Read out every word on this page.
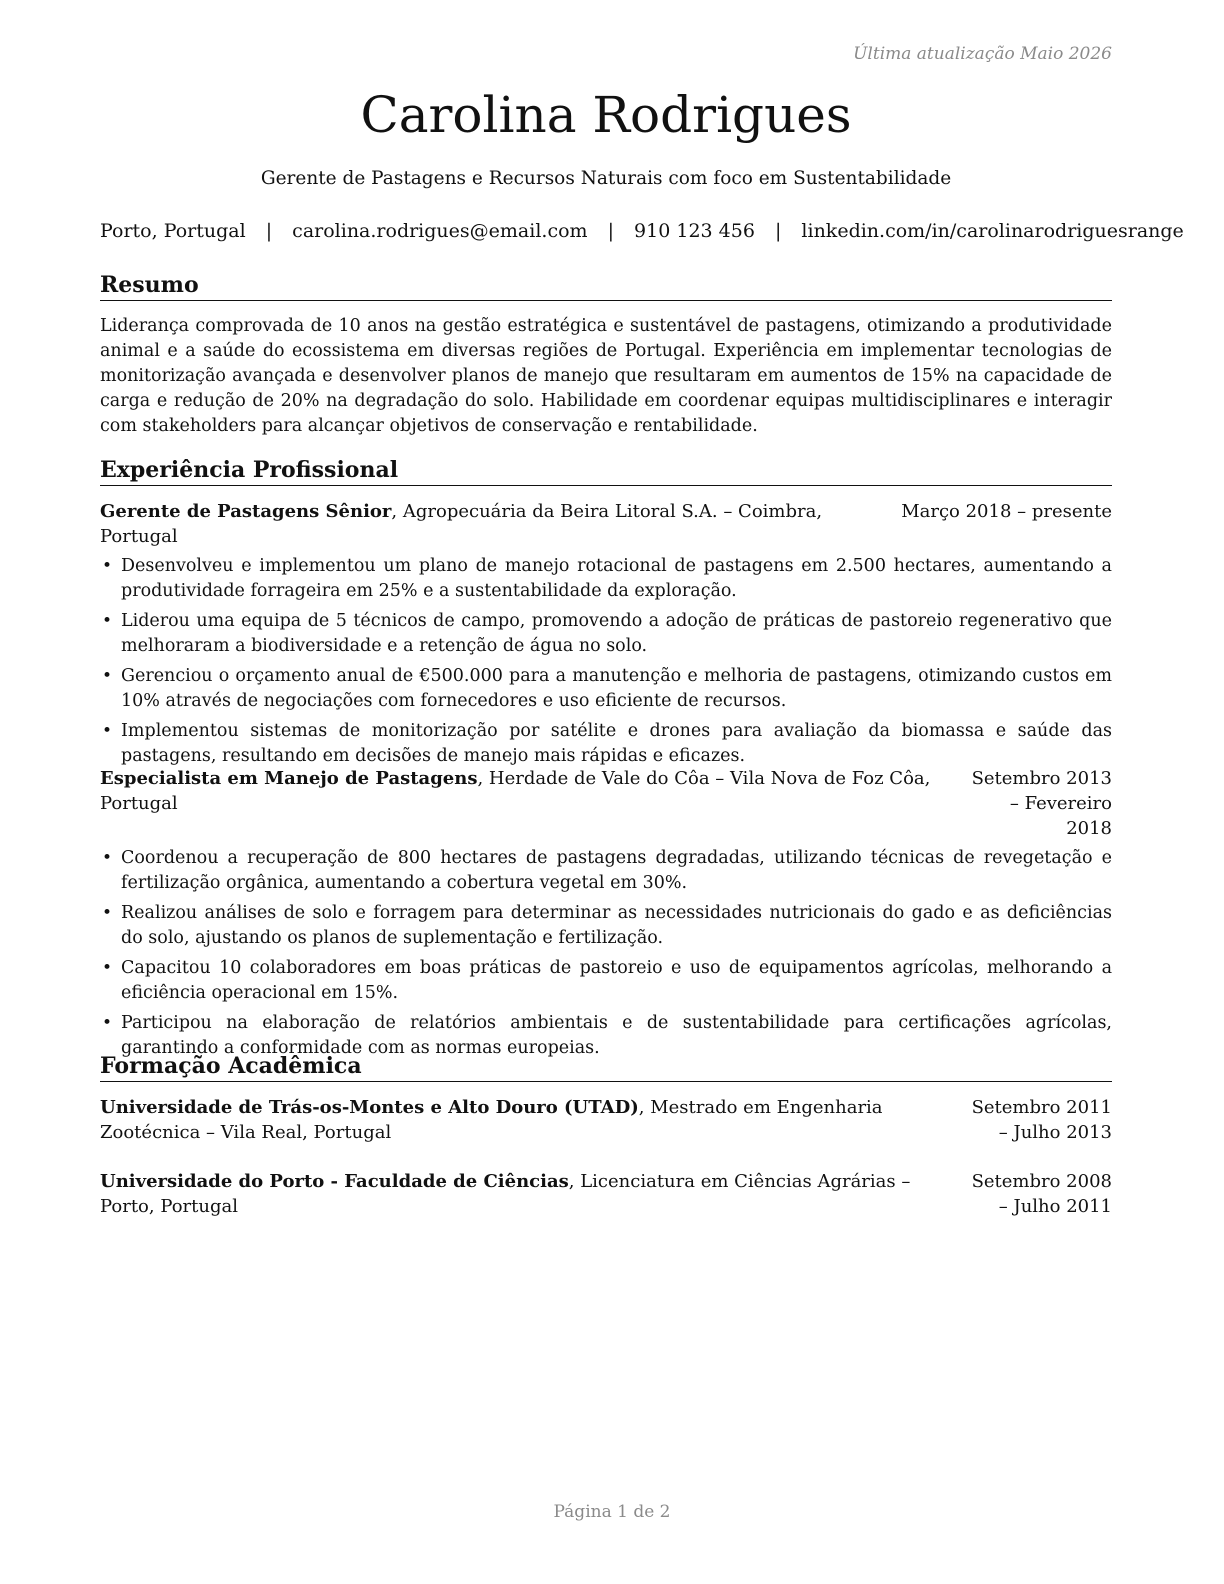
Última atualização Maio 2026
Carolina Rodrigues
Gerente de Pastagens e Recursos Naturais com foco em Sustentabilidade
Porto, Portugal | carolina.rodrigues@email.com | 910 123 456 | linkedin.com/in/carolinarodriguesrange
Resumo
Liderança comprovada de 10 anos na gestão estratégica e sustentável de pastagens, otimizando a produtividade animal e a saúde do ecossistema em diversas regiões de Portugal. Experiência em implementar tecnologias de monitorização avançada e desenvolver planos de manejo que resultaram em aumentos de 15% na capacidade de carga e redução de 20% na degradação do solo. Habilidade em coordenar equipas multidisciplinares e interagir com stakeholders para alcançar objetivos de conservação e rentabilidade.
Experiência Profissional
Gerente de Pastagens Sênior, Agropecuária da Beira Litoral S.A. – Coimbra, Portugal
Março 2018 – presente
• Desenvolveu e implementou um plano de manejo rotacional de pastagens em 2.500 hectares, aumentando a produtividade forrageira em 25% e a sustentabilidade da exploração.
• Liderou uma equipa de 5 técnicos de campo, promovendo a adoção de práticas de pastoreio regenerativo que melhoraram a biodiversidade e a retenção de água no solo.
• Gerenciou o orçamento anual de €500.000 para a manutenção e melhoria de pastagens, otimizando custos em 10% através de negociações com fornecedores e uso eficiente de recursos.
• Implementou sistemas de monitorização por satélite e drones para avaliação da biomassa e saúde das pastagens, resultando em decisões de manejo mais rápidas e eficazes.
Especialista em Manejo de Pastagens, Herdade de Vale do Côa – Vila Nova de Foz Côa, Portugal
Setembro 2013 – Fevereiro 2018
• Coordenou a recuperação de 800 hectares de pastagens degradadas, utilizando técnicas de revegetação e fertilização orgânica, aumentando a cobertura vegetal em 30%.
• Realizou análises de solo e forragem para determinar as necessidades nutricionais do gado e as deficiências do solo, ajustando os planos de suplementação e fertilização.
• Capacitou 10 colaboradores em boas práticas de pastoreio e uso de equipamentos agrícolas, melhorando a eficiência operacional em 15%.
• Participou na elaboração de relatórios ambientais e de sustentabilidade para certificações agrícolas, garantindo a conformidade com as normas europeias.
Formação Acadêmica
Universidade de Trás-os-Montes e Alto Douro (UTAD), Mestrado em Engenharia Zootécnica – Vila Real, Portugal
Setembro 2011 – Julho 2013
Universidade do Porto - Faculdade de Ciências, Licenciatura em Ciências Agrárias – Porto, Portugal
Setembro 2008 – Julho 2011
Página 1 de 2
